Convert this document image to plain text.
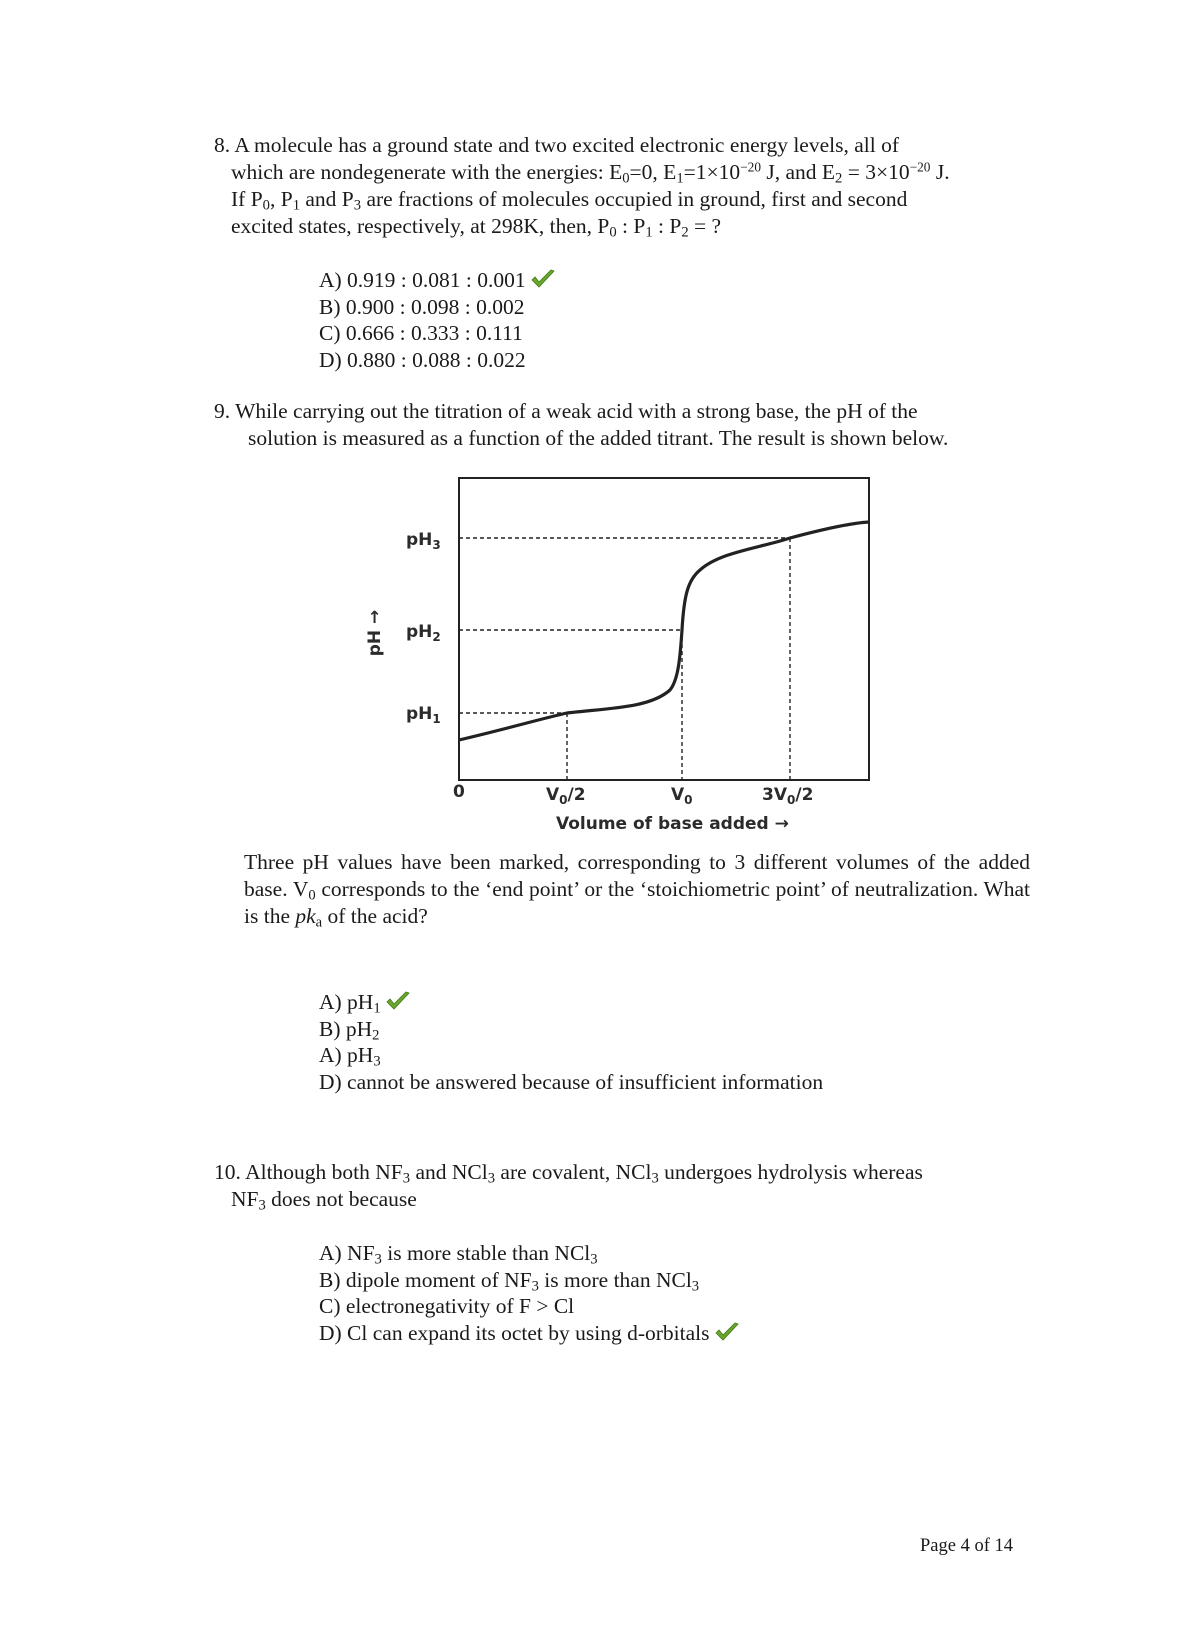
8. A molecule has a ground state and two excited electronic energy levels, all of
which are nondegenerate with the energies: $E_0=0$, $E_1=1\times 10^{-20}$ J, and $E_2 = 3\times 10^{-20}$ J.
If $P_0$, $P_1$ and $P_3$ are fractions of molecules occupied in ground, first and second
excited states, respectively, at 298K, then, $P_0$ : $P_1$ : $P_2$ = ?
A) 0.919 : 0.081 : 0.001
B) 0.900 : 0.098 : 0.002
C) 0.666 : 0.333 : 0.111
D) 0.880 : 0.088 : 0.022
9. While carrying out the titration of a weak acid with a strong base, the pH of the
solution is measured as a function of the added titrant. The result is shown below.
$pH_3$
$pH_2$
$pH_1$
pH →
0	$V_0/2$	$V_0$	$3V_0/2$
Volume of base added →
Three pH values have been marked, corresponding to 3 different volumes of the added base. $V_0$ corresponds to the ‘end point’ or the ‘stoichiometric point’ of neutralization. What is the $pk_a$ of the acid?
A) $pH_1$
B) $pH_2$
A) $pH_3$
D) cannot be answered because of insufficient information
10. Although both $NF_3$ and NCl$_3$ are covalent, NCl$_3$ undergoes hydrolysis whereas
$NF_3$ does not because
A) $NF_3$ is more stable than NCl$_3$
B) dipole moment of $NF_3$ is more than NCl$_3$
C) electronegativity of F > Cl
D) Cl can expand its octet by using d-orbitals
Page 4 of 14
